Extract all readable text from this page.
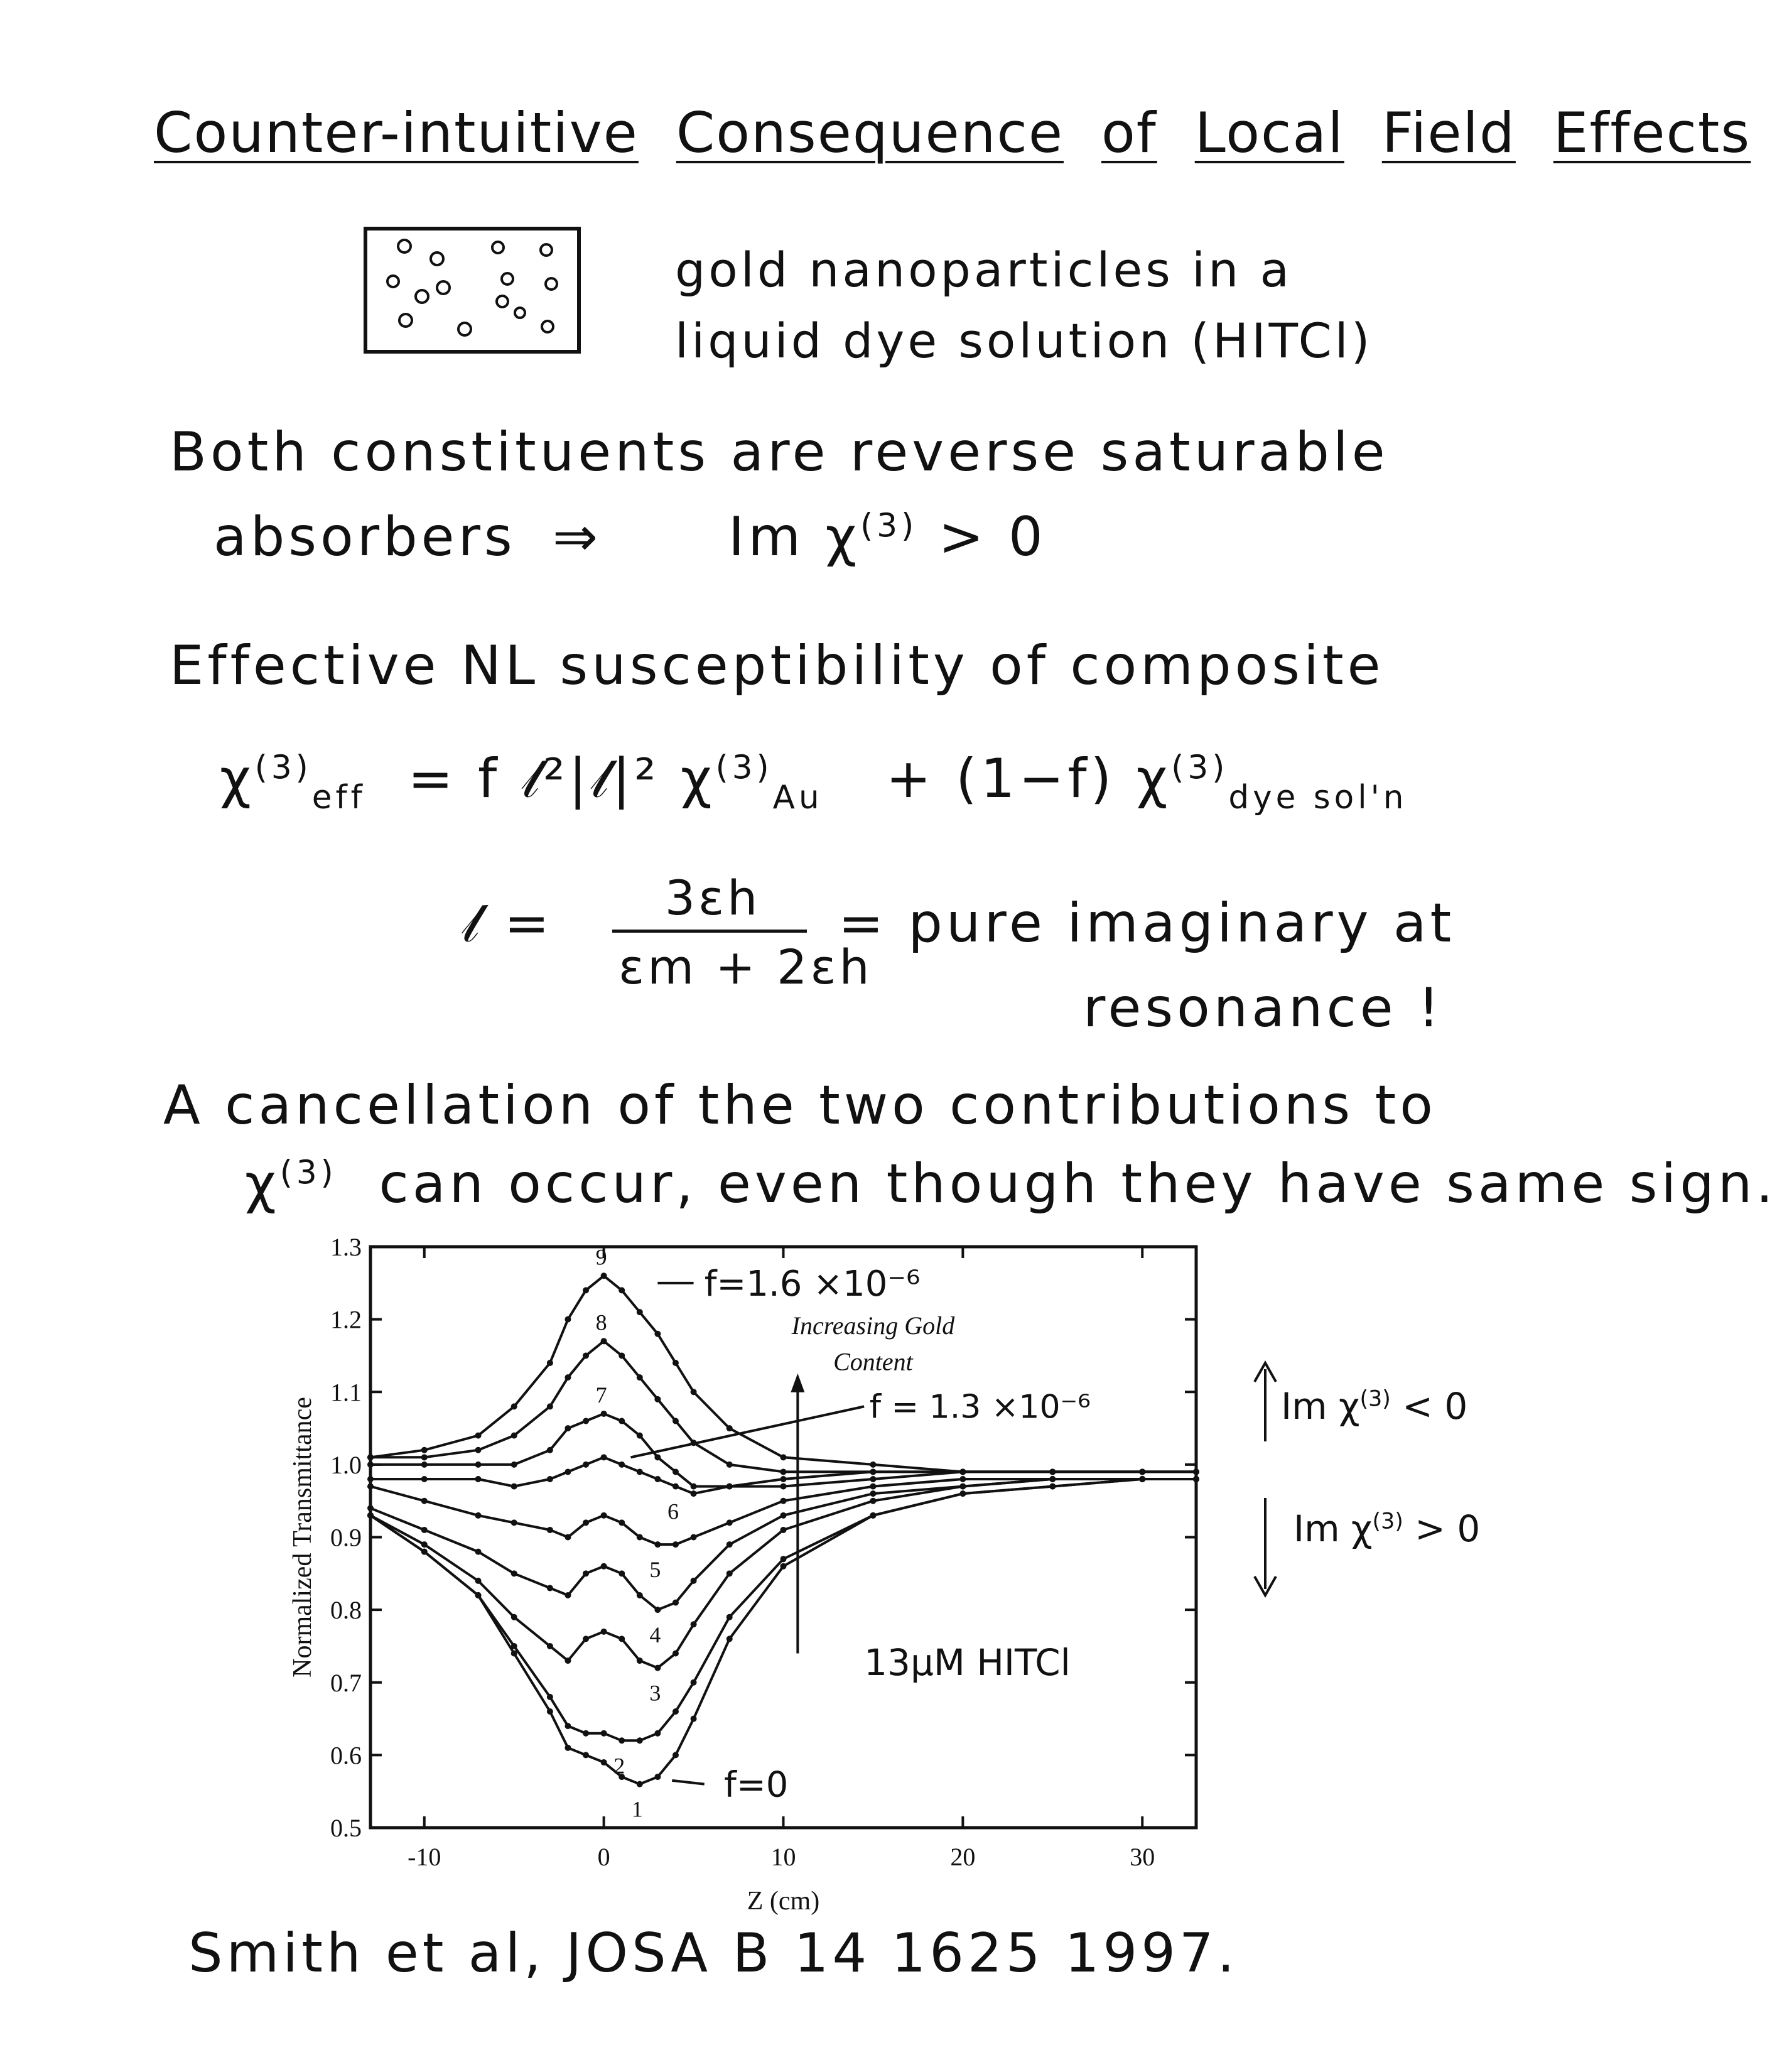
Counter-intuitive Consequence of Local Field Effects
gold nanoparticles in a
liquid dye solution (HITCl)
Both constituents are reverse saturable
absorbers ⇒ Im $\chi^{(3)} > 0$
Effective NL susceptibility of composite
$\chi^{(3)}_{eff} = f$ 𝓁²|𝓁|² $\chi^{(3)}_{Au} + (1-f)$ $\chi^{(3)}_{dye sol'n}$
𝓁 =	3εh
εm + 2εh
= pure imaginary at
resonance !
A cancellation of the two contributions to
$\chi^{(3)}$ can occur, even though they have same sign.
0.5
0.6
0.7
0.8
0.9
1.0
1.1
1.2
1.3
-10	0	10	20	30
Z (cm)
Normalized Transmittance
1
2
3
4
5
6
7
8
9
f=1.6 ×10⁻⁶
Increasing Gold
Content
f = 1.3 ×10⁻⁶
13μM HITCl
f=0
Im $\chi^{(3)} < 0$
Im $\chi^{(3)} > 0$
Smith et al, JOSA B 14 1625 1997.
